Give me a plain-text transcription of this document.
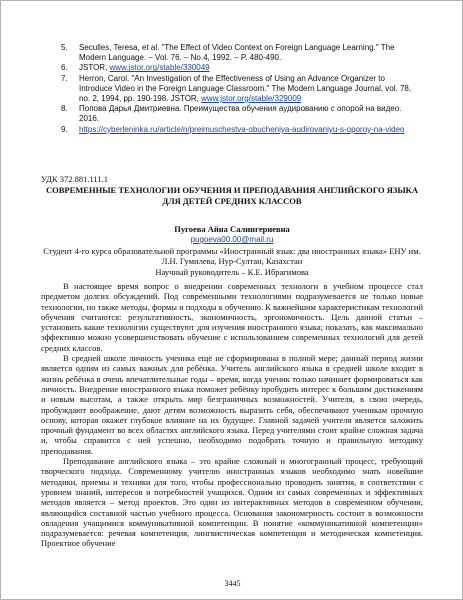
5.	Seculles, Teresa, et al. "The Effect of Video Context on Foreign Language Learning." The Modern Language. – Vol. 76. – No.4, 1992. – P. 480-490.
6.	JSTOR, www.jstor.org/stable/330049
7.	Herron, Carol. "An Investigation of the Effectiveness of Using an Advance Organizer to Introduce Video in the Foreign Language Classroom." The Modern Language Journal, vol. 78, no. 2, 1994, pp. 190-198. JSTOR, www.jstor.org/stable/329009
8.	Попова Дарья Дмитриевна. Преимущества обучения аудированию с опорой на видео. 2016.
9.	https://cyberleninka.ru/article/n/preimuschestva-obucheniya-audirovaniyu-s-oporoy-na-video
УДК 372.881.111.1
СОВРЕМЕННЫЕ ТЕХНОЛОГИИ ОБУЧЕНИЯ И ПРЕПОДАВАНИЯ АНГЛИЙСКОГО ЯЗЫКА ДЛЯ ДЕТЕЙ СРЕДНИХ КЛАССОВ
Пугоева Айна Салингериевна
pugoeva00.00@mail.ru
Студент 4-го курса образовательной программы «Иностранный язык: два иностранных языка» ЕНУ им. Л.Н. Гумилева, Нур-Султан, Казахстан
Научный руководитель – К.Е. Ибрагимова

В настоящее время вопрос о внедрении современных технологи в учебном процессе стал предметом долгих обсуждений. Под современными технологиями подразумевается не только новые технологии, но также методы, формы и подходы к обучению. К важнейшим характеристикам технологий обучения считаются: результативность, экономичность, эргономичность. Цель данной статьи – установить какие технологии существуют для изучения иностранного языка; показать, как максимально эффективно можно усовершенствовать обучение с использованием современных технологий для детей средних классов.

В средней школе личность ученика ещё не сформирована в полной мере; данный период жизни является одним из самых важных для ребёнка. Учитель английского языка в средней школе входит в жизнь ребёнка в очень впечатлительные годы – время, когда ученик только начинает формироваться как личность. Внедрение иностранного языка поможет ребёнку пробудить интерес к большим достижениям и новым высотам, а также открыть мир безграничных возможностей. Учителя, в свою очередь, пробуждают воображение, дают детям возможность выразить себя, обеспечивают ученикам прочную основу, которая окажет глубокое влияние на их будущее. Главной задачей учителя является заложить прочный фундамент во всех областях английского языка. Перед учителями стоит крайне сложная задача и, чтобы справится с ней успешно, необходимо подобрать точную и правильную методику преподавания.

Преподавание английского языка – это крайне сложный и многогранный процесс, требующий творческого подхода. Современному учителю иностранных языков необходимо знать новейшие методики, приемы и техники для того, чтобы профессионально проводить занятия, в соответствии с уровнем знаний, интересов и потребностей учащихся. Одним из самых современных и эффективных методов является – метод проектов. Это один из интерактивных методов в современном обучении, являющийся составной частью учебного процесса. Основания закономерность состоит в возможности овладения учащимися коммуникативной компетенции. В понятие «коммуникативной компетенции» подразумевается: речевая компетенция, лингвистическая компетенция и методическая компетенция. Проектное обучение

3445
